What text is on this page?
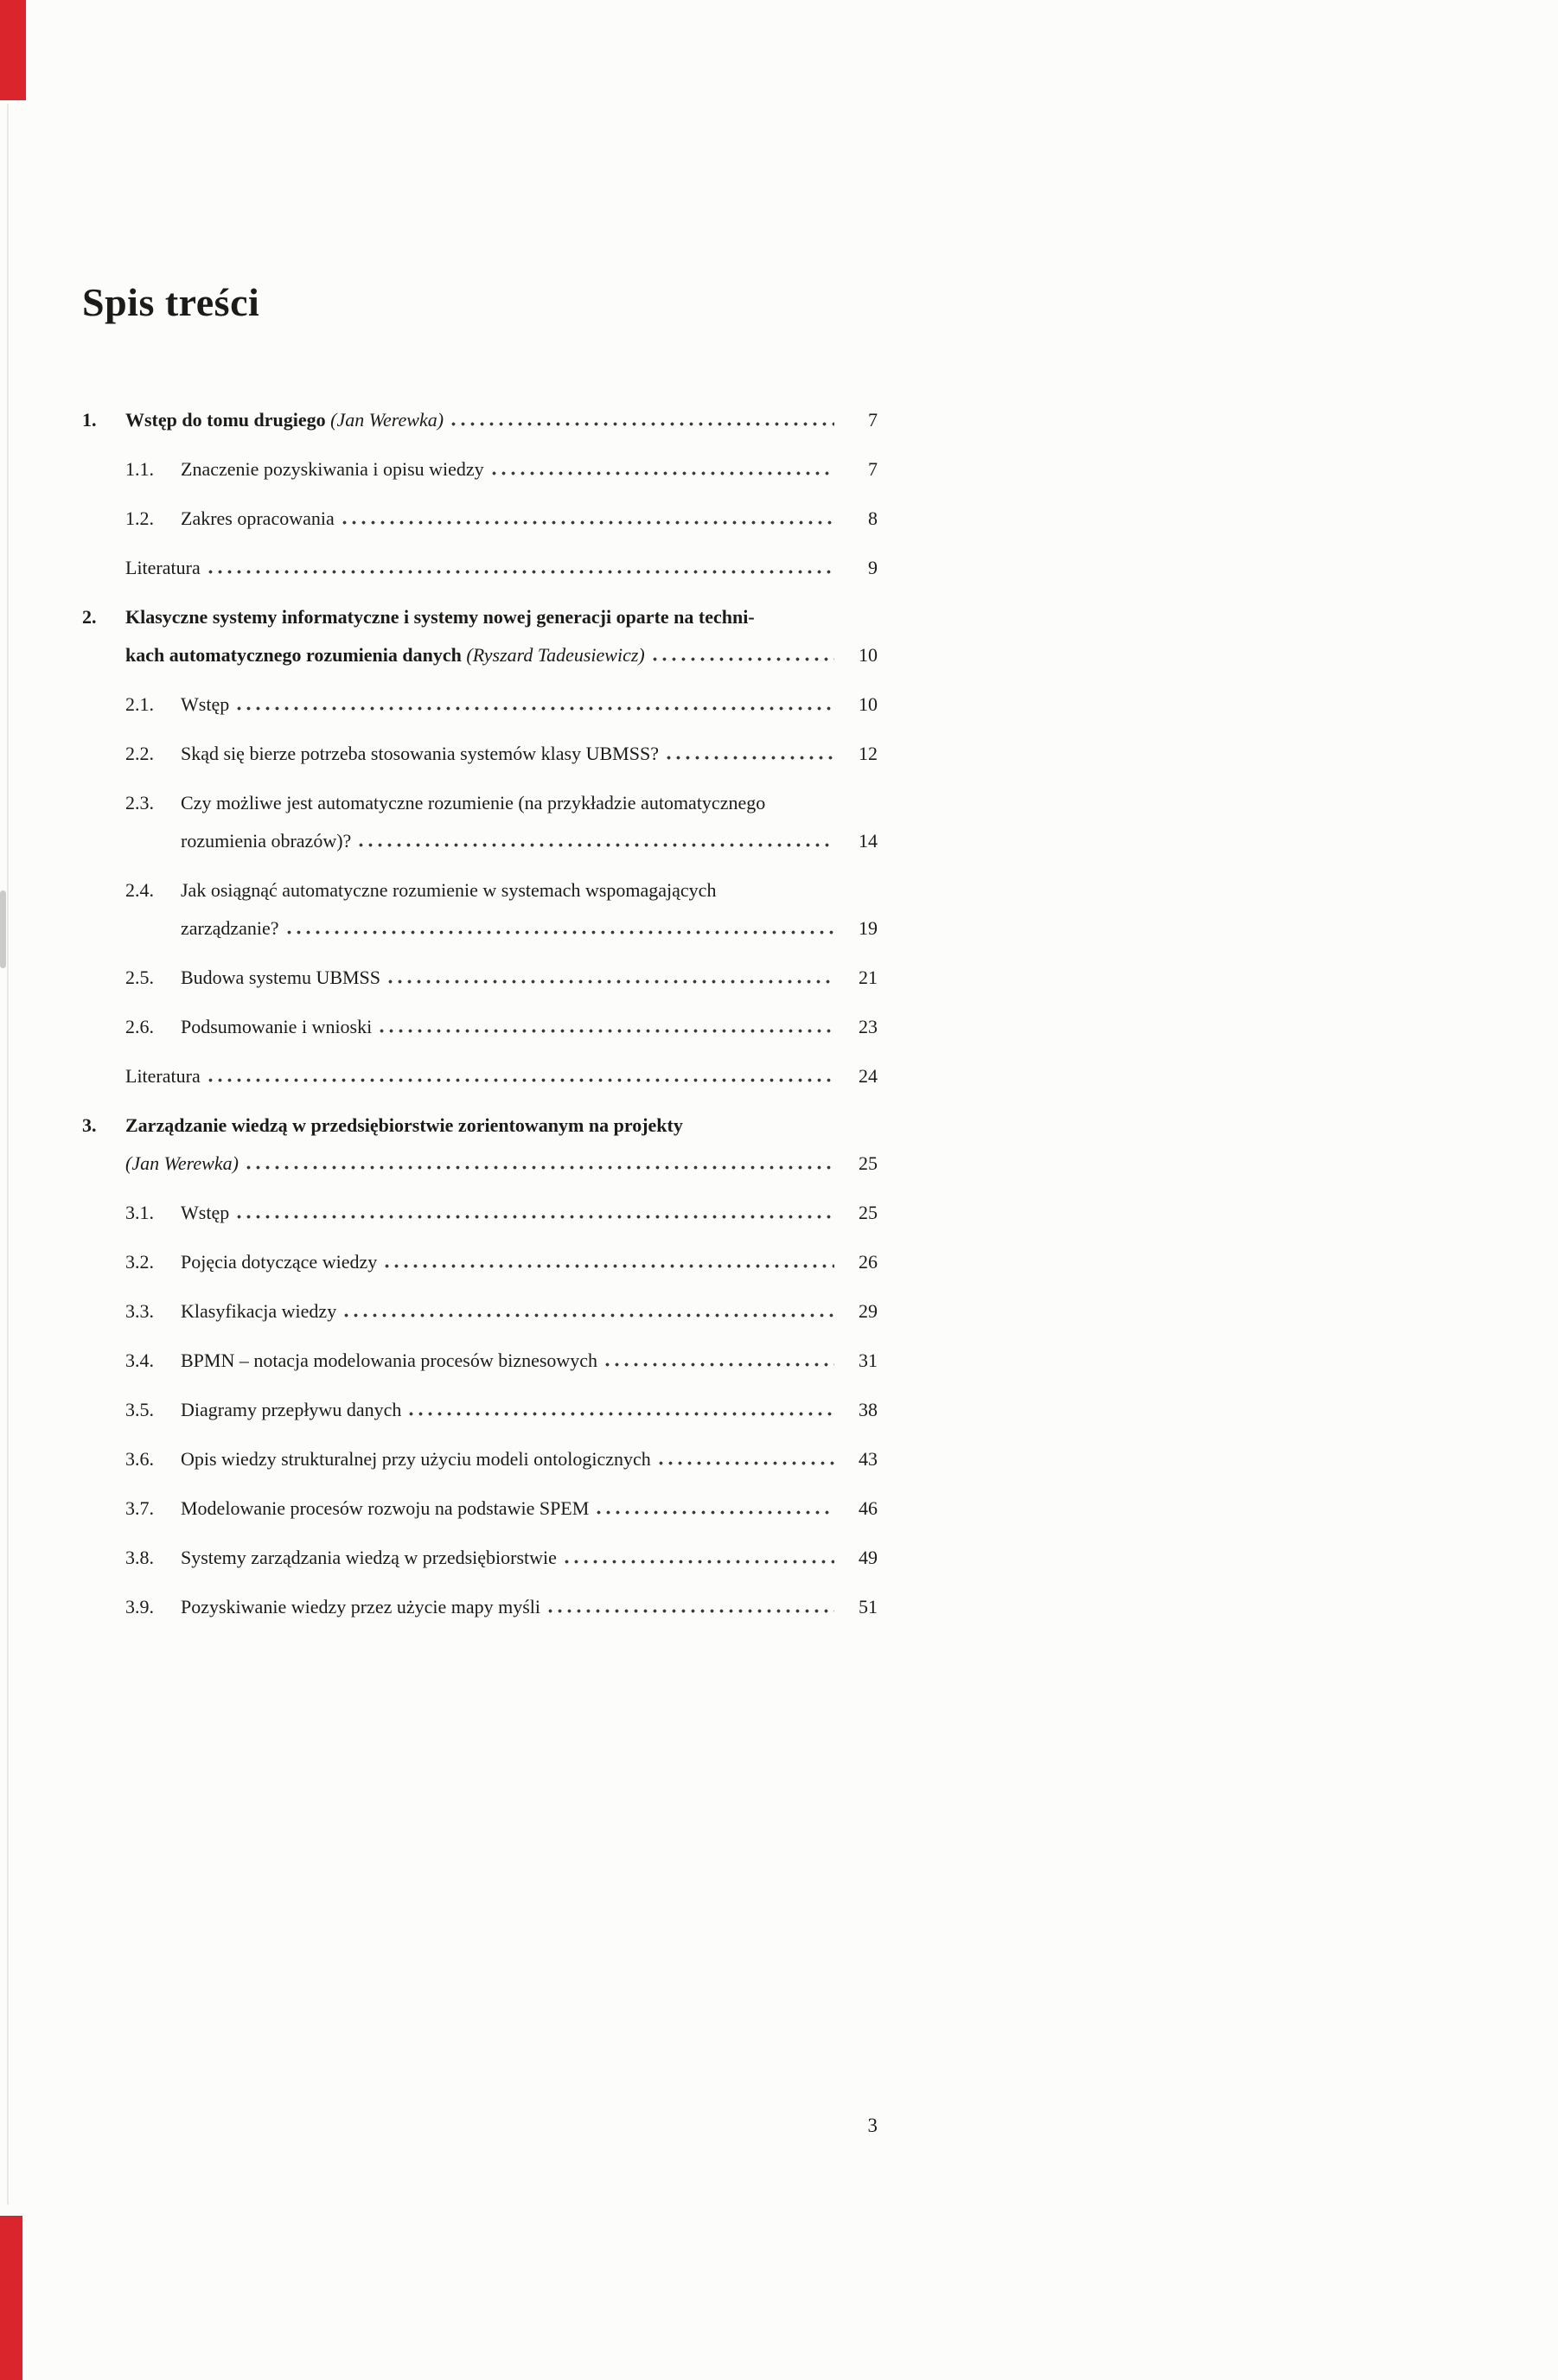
Spis treści
1.	Wstęp do tomu drugiego (Jan Werewka)	7
1.1.	Znaczenie pozyskiwania i opisu wiedzy	7
1.2.	Zakres opracowania	8
Literatura	9
2.	Klasyczne systemy informatyczne i systemy nowej generacji oparte na techni-
kach automatycznego rozumienia danych (Ryszard Tadeusiewicz)	10
2.1.	Wstęp	10
2.2.	Skąd się bierze potrzeba stosowania systemów klasy UBMSS?	12
2.3.	Czy możliwe jest automatyczne rozumienie (na przykładzie automatycznego
rozumienia obrazów)?	14
2.4.	Jak osiągnąć automatyczne rozumienie w systemach wspomagających
zarządzanie?	19
2.5.	Budowa systemu UBMSS	21
2.6.	Podsumowanie i wnioski	23
Literatura	24
3.	Zarządzanie wiedzą w przedsiębiorstwie zorientowanym na projekty
(Jan Werewka)	25
3.1.	Wstęp	25
3.2.	Pojęcia dotyczące wiedzy	26
3.3.	Klasyfikacja wiedzy	29
3.4.	BPMN – notacja modelowania procesów biznesowych	31
3.5.	Diagramy przepływu danych	38
3.6.	Opis wiedzy strukturalnej przy użyciu modeli ontologicznych	43
3.7.	Modelowanie procesów rozwoju na podstawie SPEM	46
3.8.	Systemy zarządzania wiedzą w przedsiębiorstwie	49
3.9.	Pozyskiwanie wiedzy przez użycie mapy myśli	51
3
